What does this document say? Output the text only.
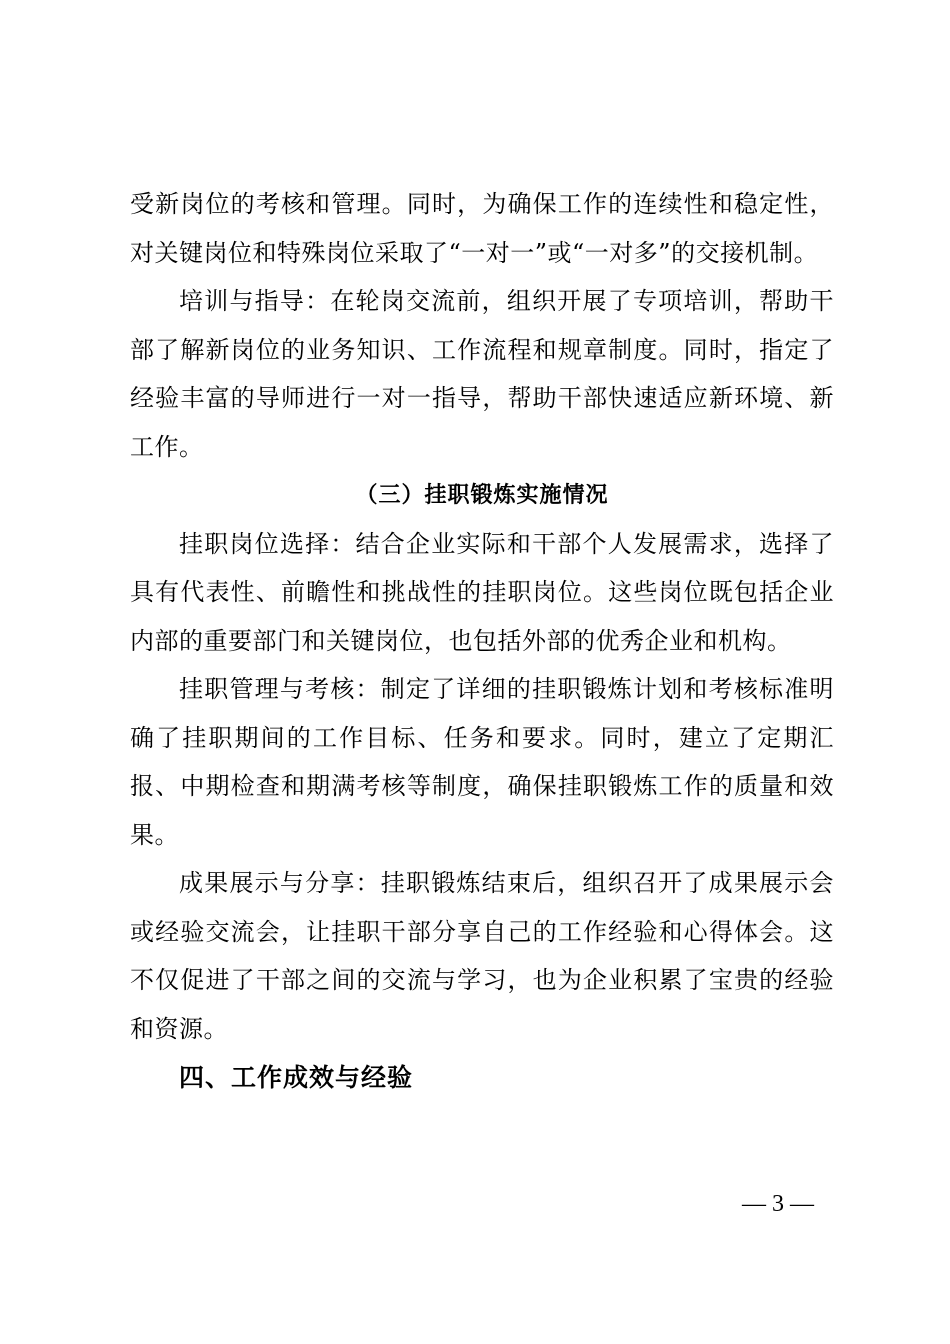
受新岗位的考核和管理。同时，为确保工作的连续性和稳定性，对关键岗位和特殊岗位采取了“一对一”或“一对多”的交接机制。

培训与指导：在轮岗交流前，组织开展了专项培训，帮助干部了解新岗位的业务知识、工作流程和规章制度。同时，指定了经验丰富的导师进行一对一指导，帮助干部快速适应新环境、新工作。

（三）挂职锻炼实施情况

挂职岗位选择：结合企业实际和干部个人发展需求，选择了具有代表性、前瞻性和挑战性的挂职岗位。这些岗位既包括企业内部的重要部门和关键岗位，也包括外部的优秀企业和机构。

挂职管理与考核：制定了详细的挂职锻炼计划和考核标准明确了挂职期间的工作目标、任务和要求。同时，建立了定期汇报、中期检查和期满考核等制度，确保挂职锻炼工作的质量和效果。

成果展示与分享：挂职锻炼结束后，组织召开了成果展示会或经验交流会，让挂职干部分享自己的工作经验和心得体会。这不仅促进了干部之间的交流与学习，也为企业积累了宝贵的经验和资源。

四、工作成效与经验

— 3 —
